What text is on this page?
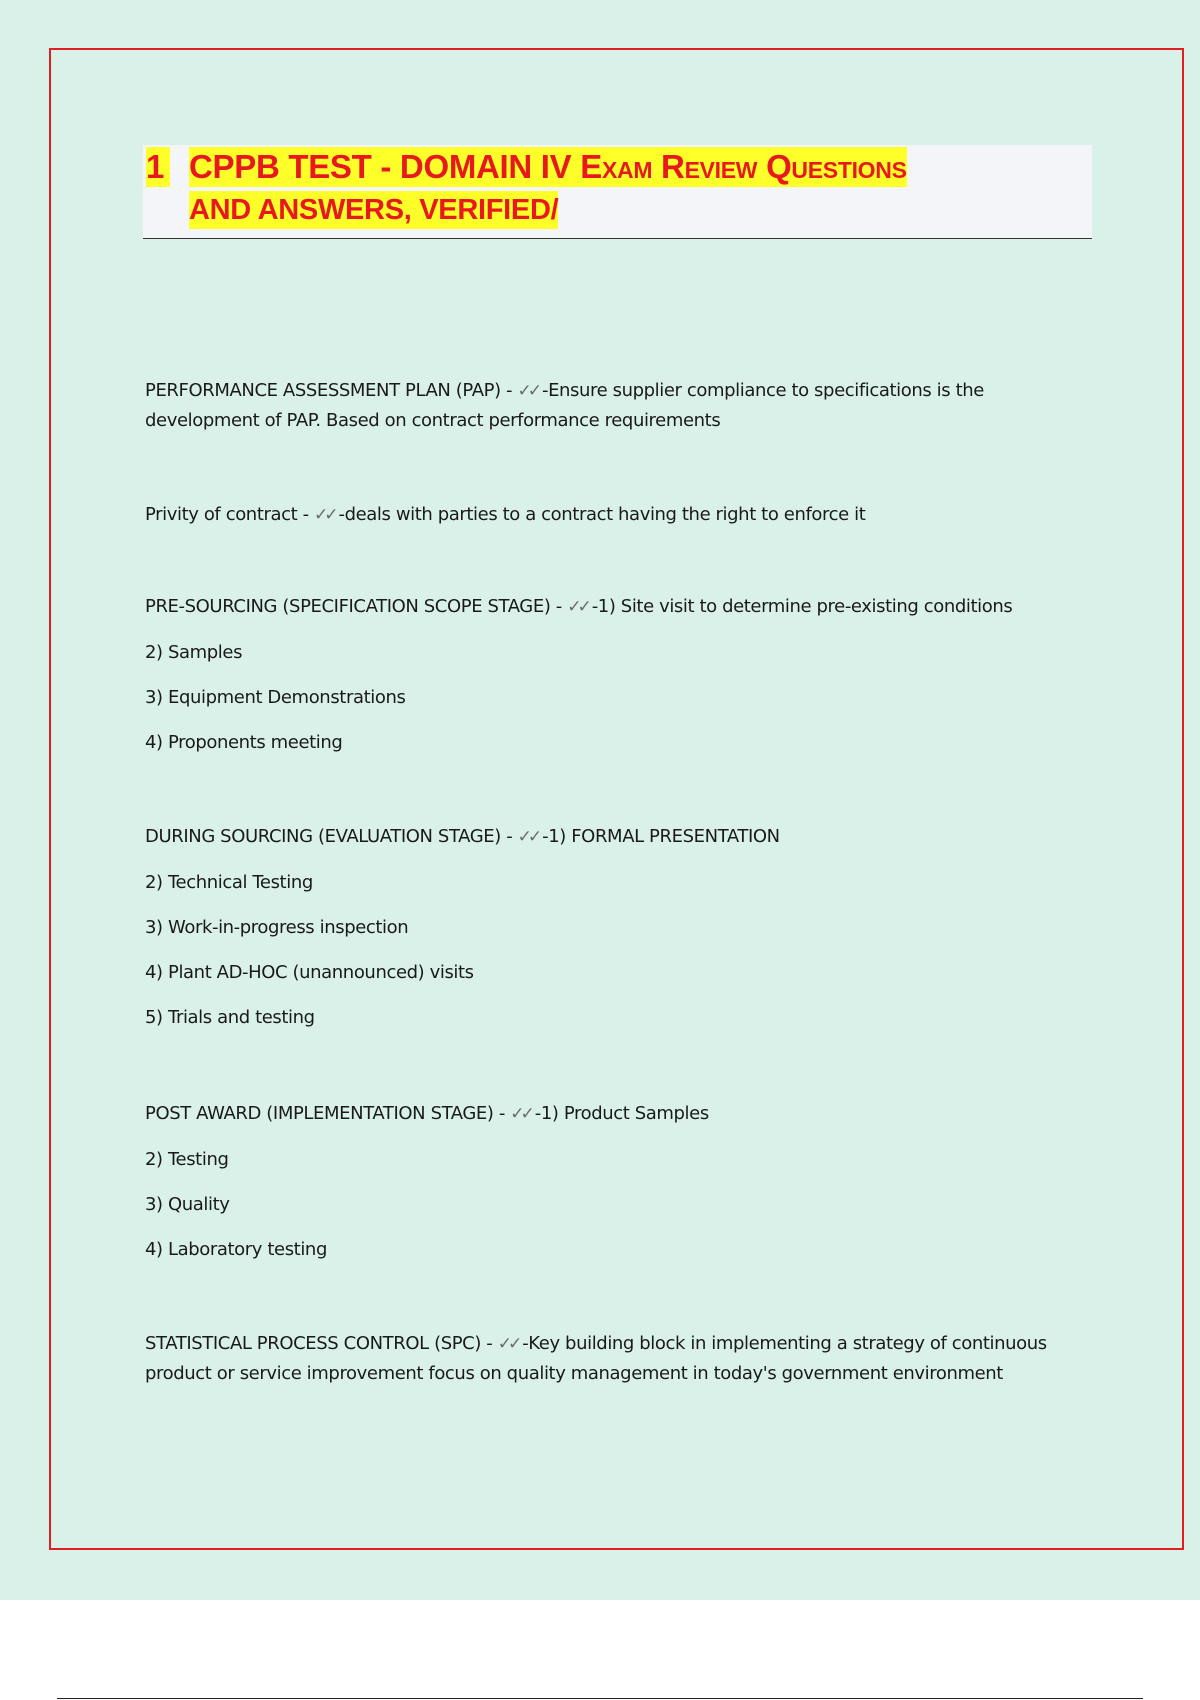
1 CPPB TEST - DOMAIN IV Exam Review Questions
AND ANSWERS, VERIFIED/

PERFORMANCE ASSESSMENT PLAN (PAP) - ✓✓ -Ensure supplier compliance to specifications is the development of PAP. Based on contract performance requirements

Privity of contract - ✓✓ -deals with parties to a contract having the right to enforce it

PRE-SOURCING (SPECIFICATION SCOPE STAGE) - ✓✓ -1) Site visit to determine pre-existing conditions

2) Samples
3) Equipment Demonstrations
4) Proponents meeting

DURING SOURCING (EVALUATION STAGE) - ✓✓ -1) FORMAL PRESENTATION

2) Technical Testing
3) Work-in-progress inspection
4) Plant AD-HOC (unannounced) visits
5) Trials and testing

POST AWARD (IMPLEMENTATION STAGE) - ✓✓ -1) Product Samples

2) Testing
3) Quality
4) Laboratory testing

STATISTICAL PROCESS CONTROL (SPC) - ✓✓ -Key building block in implementing a strategy of continuous product or service improvement focus on quality management in today's government environment
